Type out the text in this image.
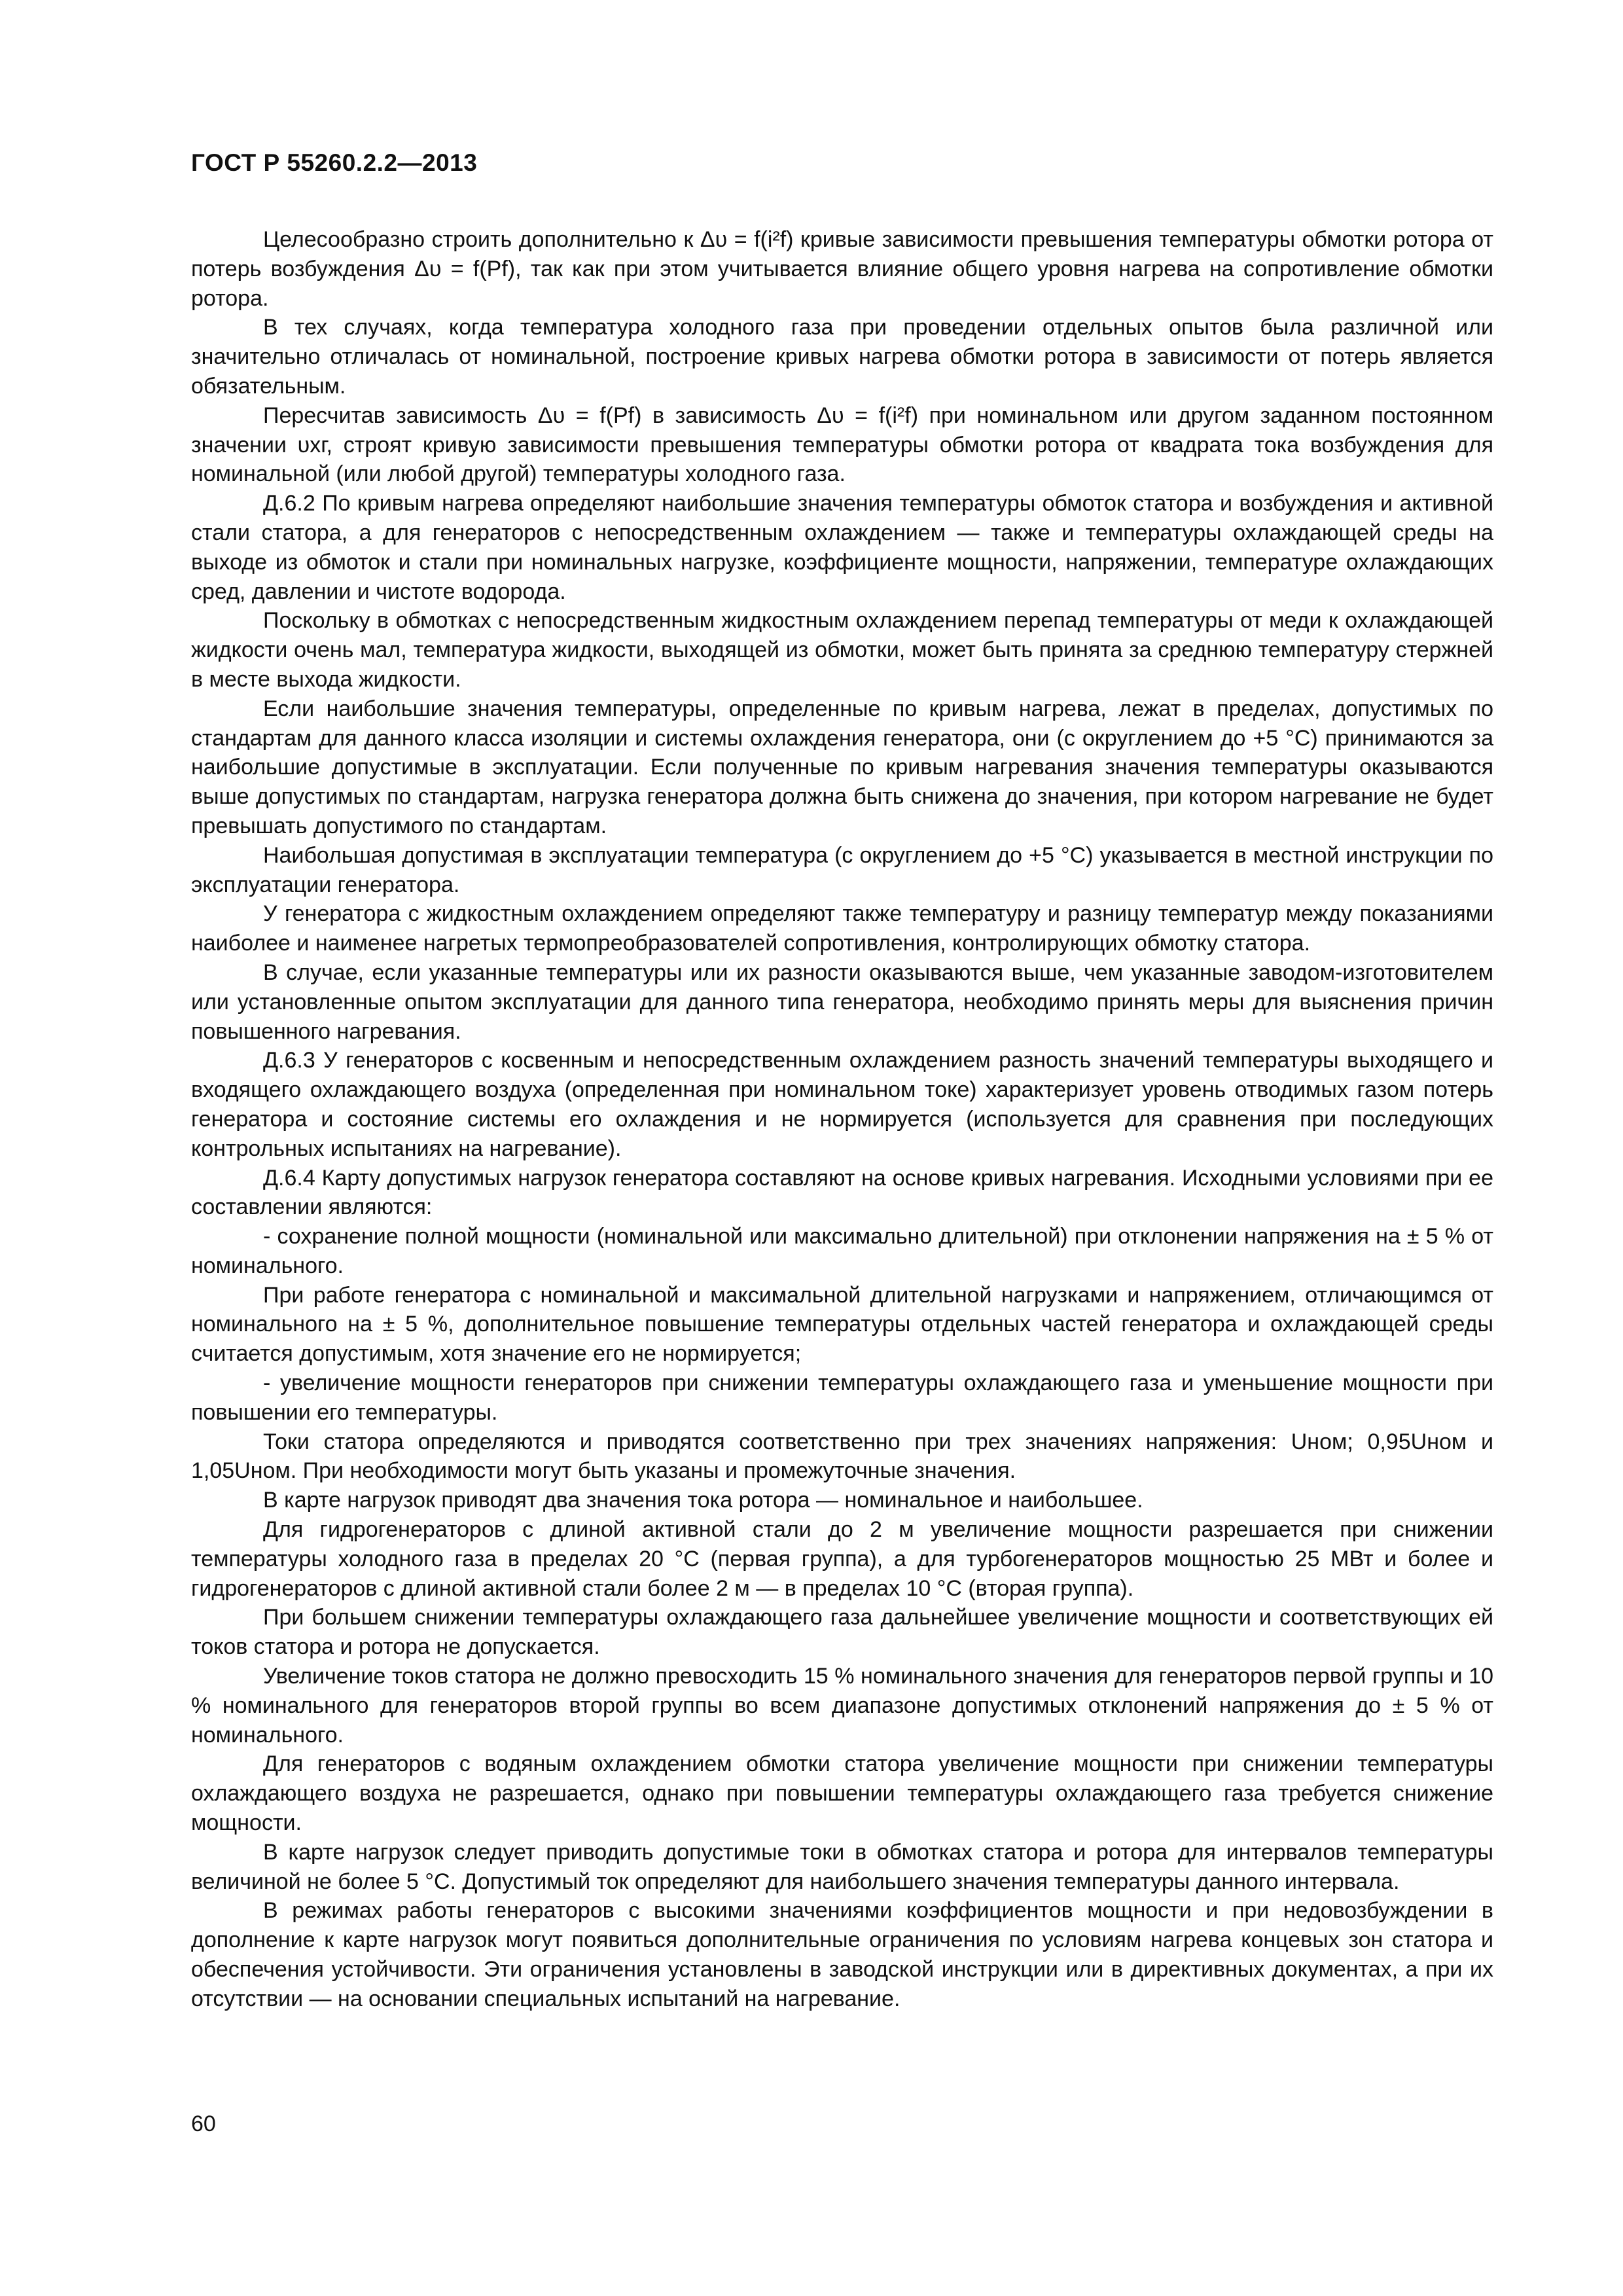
ГОСТ Р 55260.2.2—2013

Целесообразно строить дополнительно к Δυ = f(i²f) кривые зависимости превышения температуры обмотки ротора от потерь возбуждения Δυ = f(Pf), так как при этом учитывается влияние общего уровня нагрева на сопротивление обмотки ротора.

В тех случаях, когда температура холодного газа при проведении отдельных опытов была различной или значительно отличалась от номинальной, построение кривых нагрева обмотки ротора в зависимости от потерь является обязательным.

Пересчитав зависимость Δυ = f(Pf) в зависимость Δυ = f(i²f) при номинальном или другом заданном постоянном значении υхг, строят кривую зависимости превышения температуры обмотки ротора от квадрата тока возбуждения для номинальной (или любой другой) температуры холодного газа.

Д.6.2 По кривым нагрева определяют наибольшие значения температуры обмоток статора и возбуждения и активной стали статора, а для генераторов с непосредственным охлаждением — также и температуры охлаждающей среды на выходе из обмоток и стали при номинальных нагрузке, коэффициенте мощности, напряжении, температуре охлаждающих сред, давлении и чистоте водорода.

Поскольку в обмотках с непосредственным жидкостным охлаждением перепад температуры от меди к охлаждающей жидкости очень мал, температура жидкости, выходящей из обмотки, может быть принята за среднюю температуру стержней в месте выхода жидкости.

Если наибольшие значения температуры, определенные по кривым нагрева, лежат в пределах, допустимых по стандартам для данного класса изоляции и системы охлаждения генератора, они (с округлением до +5 °С) принимаются за наибольшие допустимые в эксплуатации. Если полученные по кривым нагревания значения температуры оказываются выше допустимых по стандартам, нагрузка генератора должна быть снижена до значения, при котором нагревание не будет превышать допустимого по стандартам.

Наибольшая допустимая в эксплуатации температура (с округлением до +5 °С) указывается в местной инструкции по эксплуатации генератора.

У генератора с жидкостным охлаждением определяют также температуру и разницу температур между показаниями наиболее и наименее нагретых термопреобразователей сопротивления, контролирующих обмотку статора.

В случае, если указанные температуры или их разности оказываются выше, чем указанные заводом-изготовителем или установленные опытом эксплуатации для данного типа генератора, необходимо принять меры для выяснения причин повышенного нагревания.

Д.6.3 У генераторов с косвенным и непосредственным охлаждением разность значений температуры выходящего и входящего охлаждающего воздуха (определенная при номинальном токе) характеризует уровень отводимых газом потерь генератора и состояние системы его охлаждения и не нормируется (используется для сравнения при последующих контрольных испытаниях на нагревание).

Д.6.4 Карту допустимых нагрузок генератора составляют на основе кривых нагревания. Исходными условиями при ее составлении являются:

- сохранение полной мощности (номинальной или максимально длительной) при отклонении напряжения на ± 5 % от номинального.

При работе генератора с номинальной и максимальной длительной нагрузками и напряжением, отличающимся от номинального на ± 5 %, дополнительное повышение температуры отдельных частей генератора и охлаждающей среды считается допустимым, хотя значение его не нормируется;

- увеличение мощности генераторов при снижении температуры охлаждающего газа и уменьшение мощности при повышении его температуры.

Токи статора определяются и приводятся соответственно при трех значениях напряжения: Uном; 0,95Uном и 1,05Uном. При необходимости могут быть указаны и промежуточные значения.

В карте нагрузок приводят два значения тока ротора — номинальное и наибольшее.

Для гидрогенераторов с длиной активной стали до 2 м увеличение мощности разрешается при снижении температуры холодного газа в пределах 20 °С (первая группа), а для турбогенераторов мощностью 25 МВт и более и гидрогенераторов с длиной активной стали более 2 м — в пределах 10 °С (вторая группа).

При большем снижении температуры охлаждающего газа дальнейшее увеличение мощности и соответствующих ей токов статора и ротора не допускается.

Увеличение токов статора не должно превосходить 15 % номинального значения для генераторов первой группы и 10 % номинального для генераторов второй группы во всем диапазоне допустимых отклонений напряжения до ± 5 % от номинального.

Для генераторов с водяным охлаждением обмотки статора увеличение мощности при снижении температуры охлаждающего воздуха не разрешается, однако при повышении температуры охлаждающего газа требуется снижение мощности.

В карте нагрузок следует приводить допустимые токи в обмотках статора и ротора для интервалов температуры величиной не более 5 °С. Допустимый ток определяют для наибольшего значения температуры данного интервала.

В режимах работы генераторов с высокими значениями коэффициентов мощности и при недовозбуждении в дополнение к карте нагрузок могут появиться дополнительные ограничения по условиям нагрева концевых зон статора и обеспечения устойчивости. Эти ограничения установлены в заводской инструкции или в директивных документах, а при их отсутствии — на основании специальных испытаний на нагревание.

60
